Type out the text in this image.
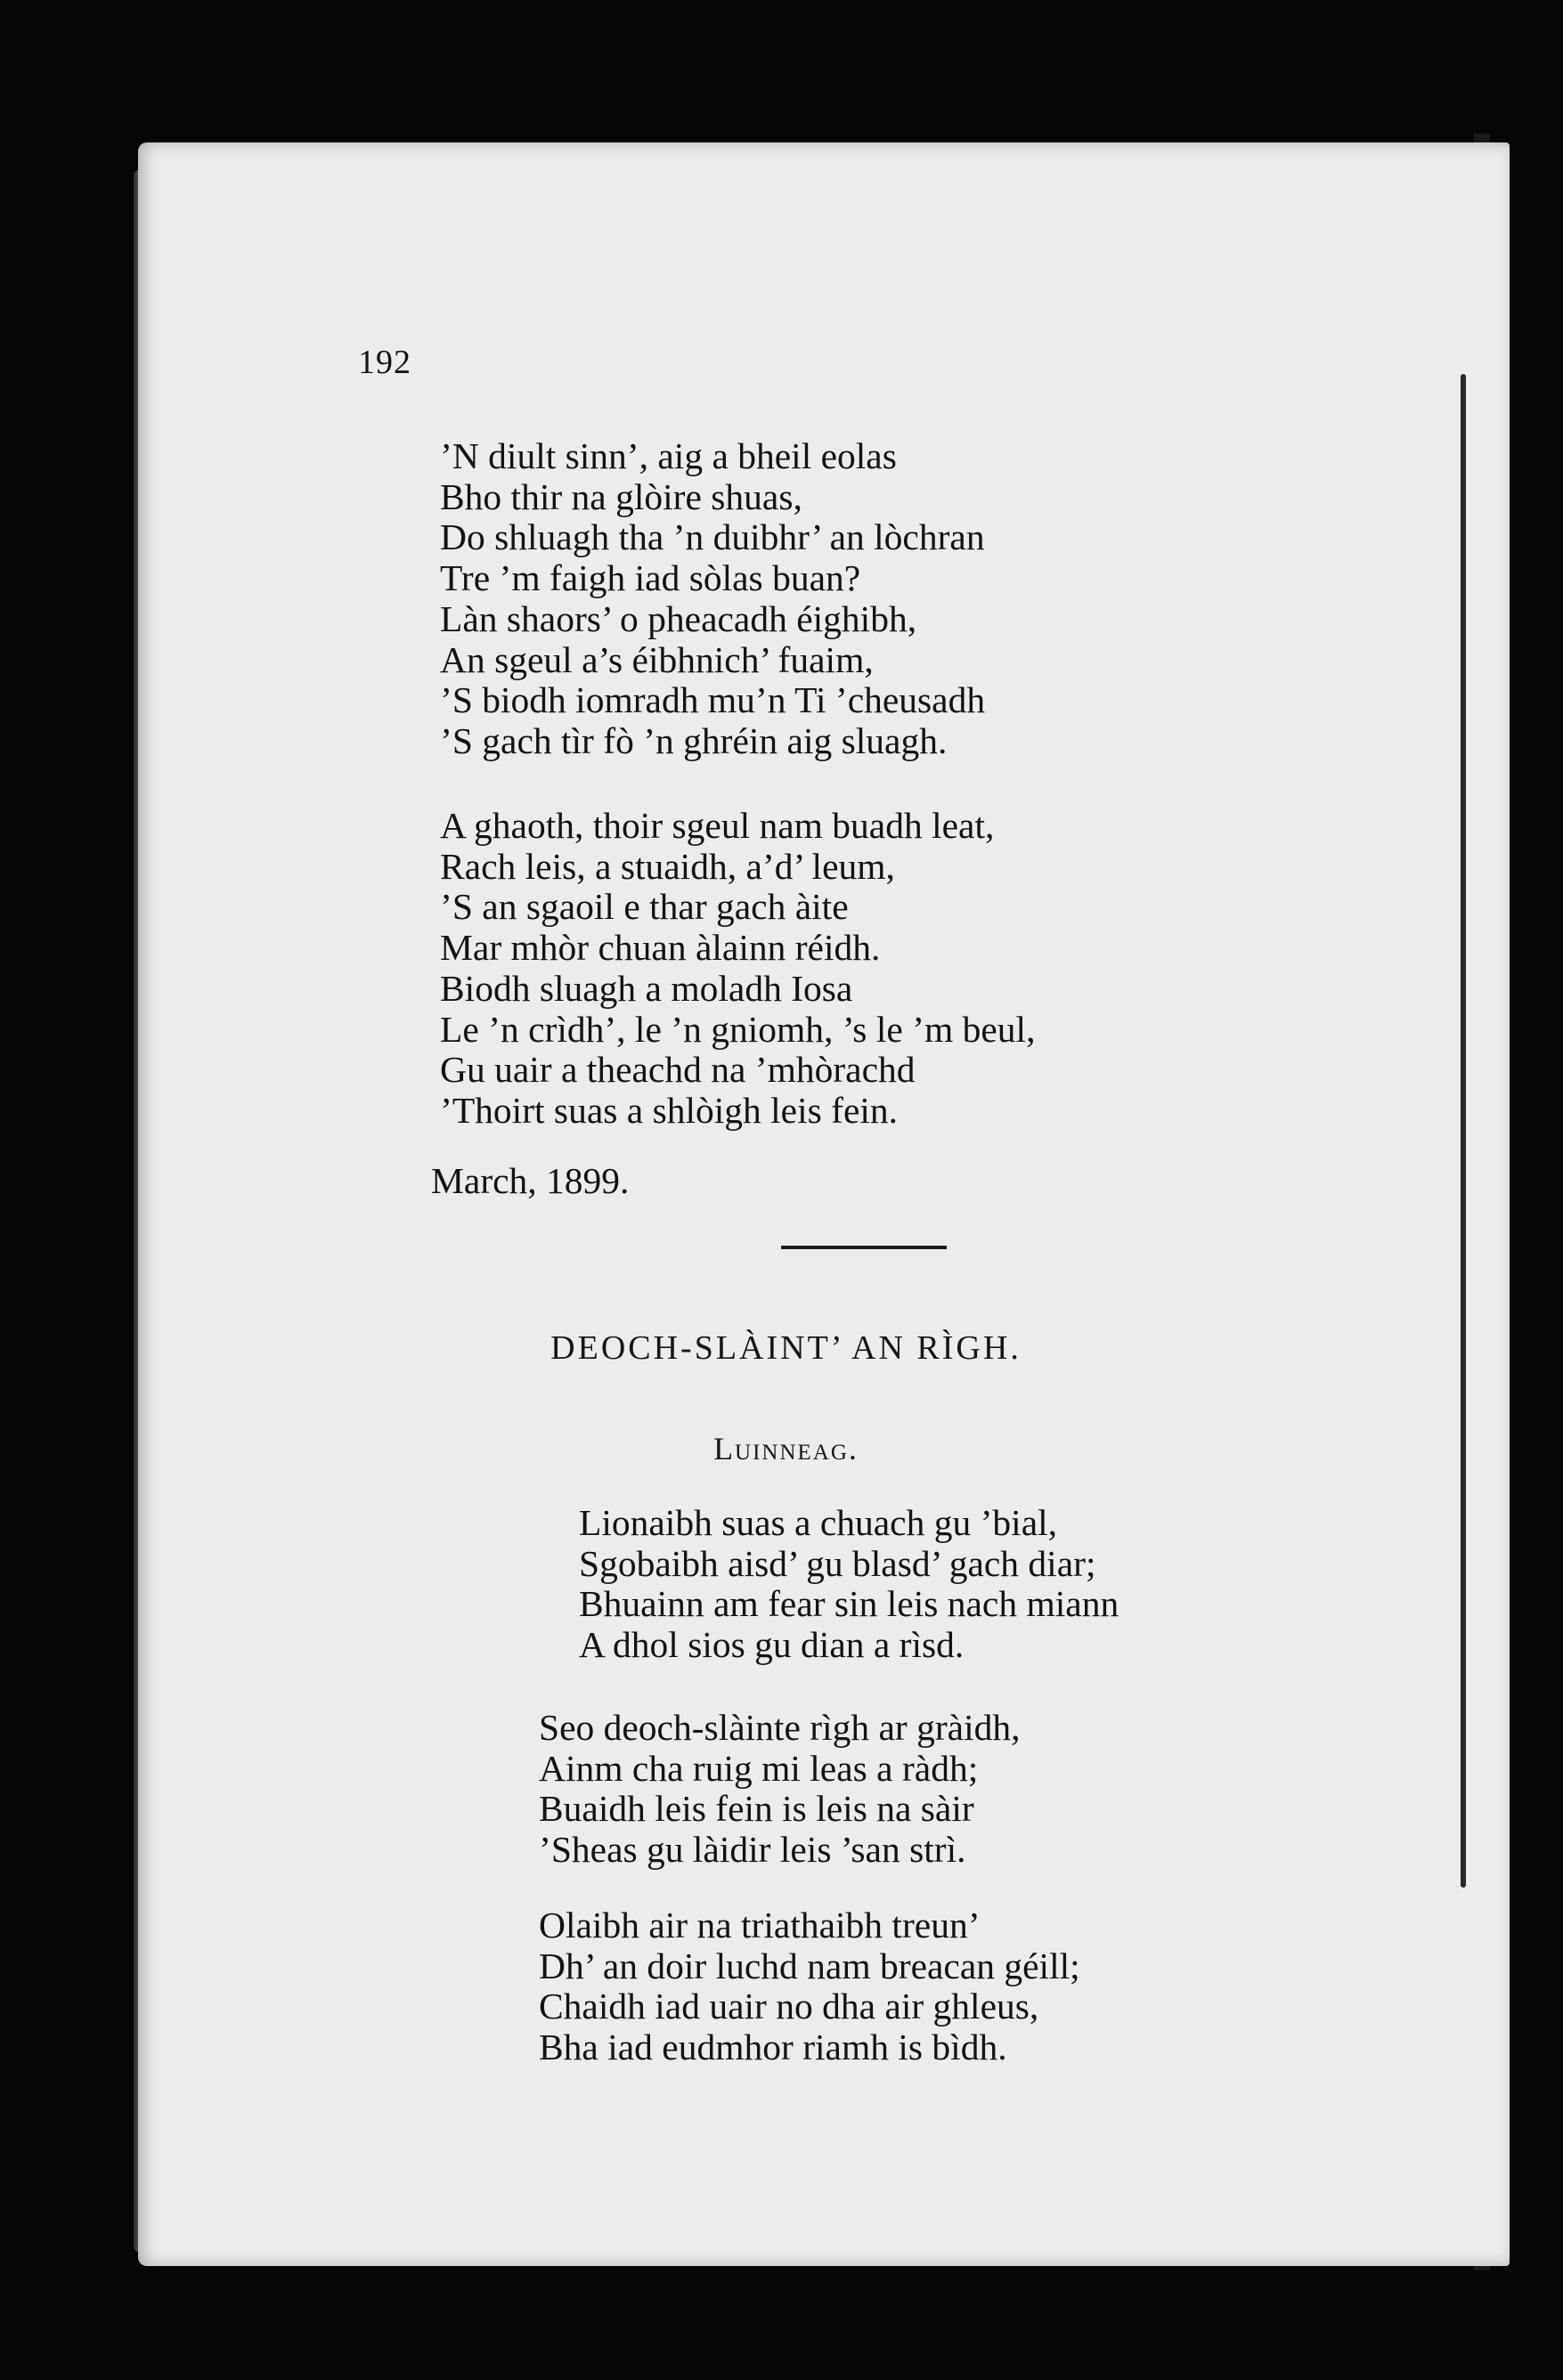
192
’N diult sinn’, aig a bheil eolas
Bho thir na glòire shuas,
Do shluagh tha ’n duibhr’ an lòchran
Tre ’m faigh iad sòlas buan?
Làn shaors’ o pheacadh éighibh,
An sgeul a’s éibhnich’ fuaim,
’S biodh iomradh mu’n Ti ’cheusadh
’S gach tìr fò ’n ghréin aig sluagh.
A ghaoth, thoir sgeul nam buadh leat,
Rach leis, a stuaidh, a’d’ leum,
’S an sgaoil e thar gach àite
Mar mhòr chuan àlainn réidh.
Biodh sluagh a moladh Iosa
Le ’n crìdh’, le ’n gniomh, ’s le ’m beul,
Gu uair a theachd na ’mhòrachd
’Thoirt suas a shlòigh leis fein.
March, 1899.
DEOCH-SLÀINT’ AN RÌGH.
Luinneag.
Lionaibh suas a chuach gu ’bial,
Sgobaibh aisd’ gu blasd’ gach diar;
Bhuainn am fear sin leis nach miann
A dhol sios gu dian a rìsd.
Seo deoch-slàinte rìgh ar gràidh,
Ainm cha ruig mi leas a ràdh;
Buaidh leis fein is leis na sàir
’Sheas gu làidir leis ’san strì.
Olaibh air na triathaibh treun’
Dh’ an doir luchd nam breacan géill;
Chaidh iad uair no dha air ghleus,
Bha iad eudmhor riamh is bìdh.
